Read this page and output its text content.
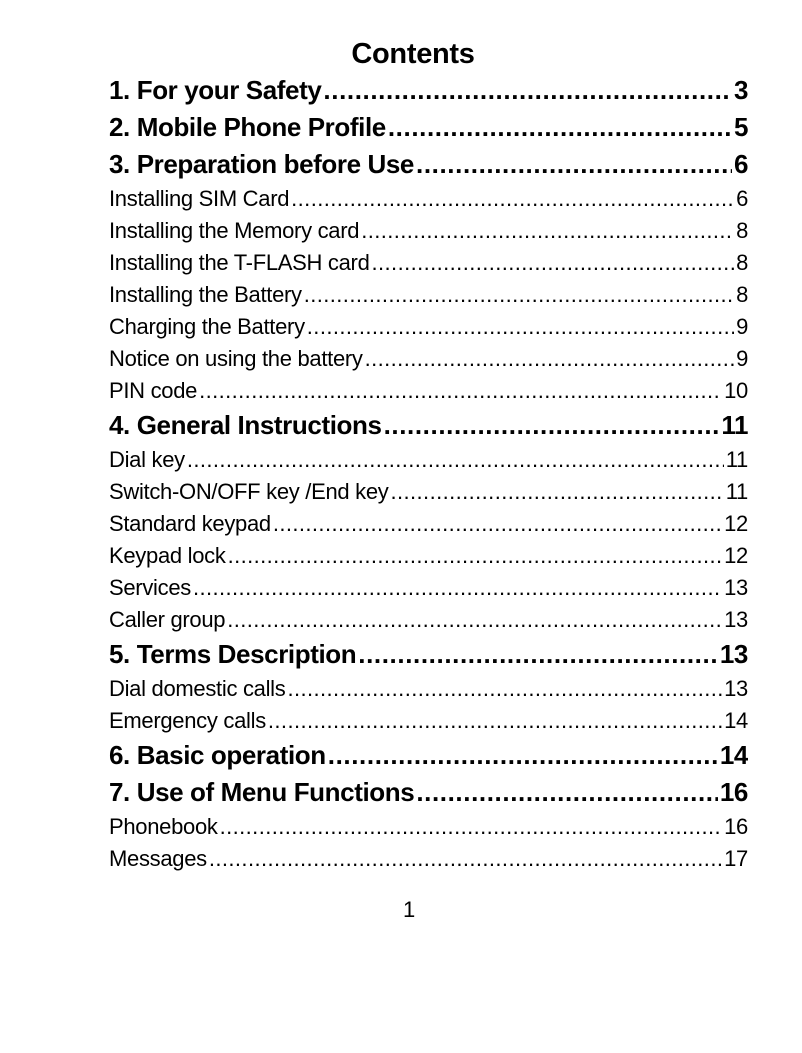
Contents
1. For your Safety .....	3
2. Mobile Phone Profile .....	5
3. Preparation before Use .....	6
Installing SIM Card .....	6
Installing the Memory card .....	8
Installing the T-FLASH card .....	8
Installing the Battery .....	8
Charging the Battery .....	9
Notice on using the battery .....	9
PIN code .....	10
4. General Instructions .....	11
Dial key .....	11
Switch-ON/OFF key /End key .....	11
Standard keypad .....	12
Keypad lock .....	12
Services .....	13
Caller group .....	13
5. Terms Description .....	13
Dial domestic calls .....	13
Emergency calls .....	14
6. Basic operation .....	14
7. Use of Menu Functions .....	16
Phonebook .....	16
Messages .....	17
1
